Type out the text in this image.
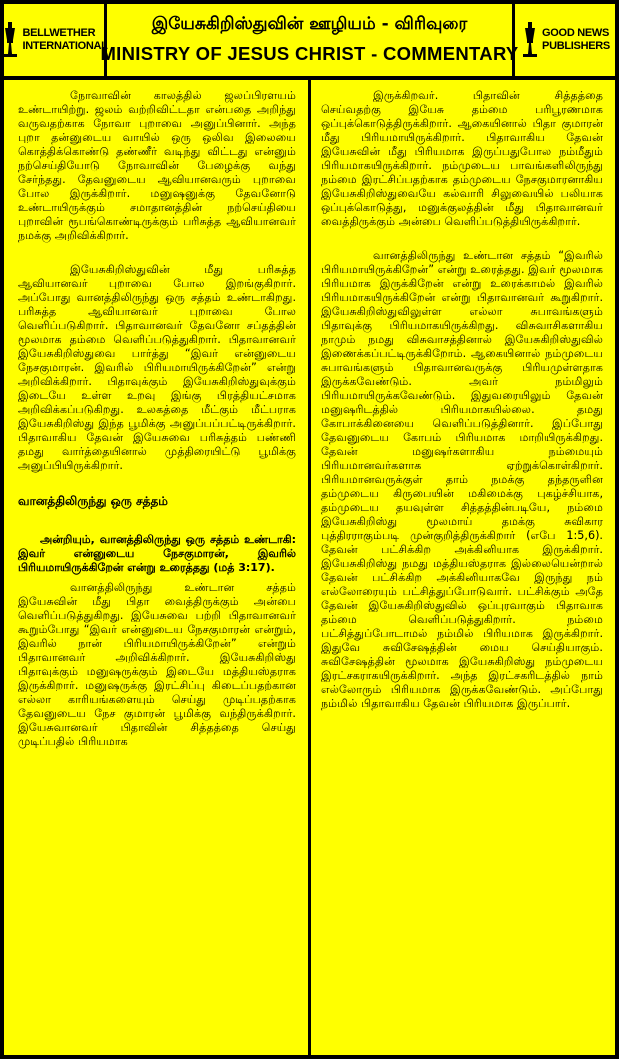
BELLWETHER
INTERNATIONAL
இயேசுகிறிஸ்துவின் ஊழியம் - விரிவுரை
MINISTRY OF JESUS CHRIST - COMMENTARY
GOOD NEWS
PUBLISHERS

நோவாவின் காலத்தில் ஜலப்பிரளயம் உண்டாயிற்று. ஜலம் வற்றிவிட்டதா என்பதை அறிந்து வருவதற்காக நோவா புறாவை அனுப்பினார். அந்த புறா தன்னுடைய வாயில் ஒரு ஒலிவ இலையை கொத்திக்கொண்டு தண்ணீர் வடிந்து விட்டது என்னும் நற்செய்தியோடு நோவாவின் பேழைக்கு வந்து சேர்ந்தது. தேவனுடைய ஆவியானவரும் புறாவை போல இருக்கிறார். மனுஷனுக்கு தேவனோடு உண்டாயிருக்கும் சமாதானத்தின் நற்செய்தியை புறாவின் ரூபங்கொண்டிருக்கும் பரிசுத்த ஆவியானவர் நமக்கு அறிவிக்கிறார்.

இயேசுகிறிஸ்துவின் மீது பரிசுத்த ஆவியானவர் புறாவை போல இறங்குகிறார். அப்போது வானத்திலிருந்து ஒரு சத்தம் உண்டாகிறது. பரிசுத்த ஆவியானவர் புறாவை போல வெளிப்படுகிறார். பிதாவானவர் தேவனோ சப்தத்தின் மூலமாக தம்மை வெளிப்படுத்துகிறார். பிதாவானவர் இயேசுகிறிஸ்துவை பார்த்து “இவர் என்னுடைய நேசகுமாரன். இவரில் பிரியமாயிருக்கிறேன்” என்று அறிவிக்கிறார். பிதாவுக்கும் இயேசுகிறிஸ்துவுக்கும் இடையே உள்ள உறவு இங்கு பிரத்தியட்சமாக அறிவிக்கப்படுகிறது. உலகத்தை மீட்கும் மீட்பராக இயேசுகிறிஸ்து இந்த பூமிக்கு அனுப்பப்பட்டிருக்கிறார். பிதாவாகிய தேவன் இயேசுவை பரிசுத்தம் பண்ணி தமது வார்த்தையினால் முத்திரையிட்டு பூமிக்கு அனுப்பியிருக்கிறார்.

வானத்திலிருந்து ஒரு சத்தம்

அன்றியும், வானத்திலிருந்து ஒரு சத்தம் உண்டாகி: இவர் என்னுடைய நேசகுமாரன், இவரில் பிரியமாயிருக்கிறேன் என்று உரைத்தது (மத் 3:17).

வானத்திலிருந்து உண்டான சத்தம் இயேசுவின் மீது பிதா வைத்திருக்கும் அன்பை வெளிப்படுத்துகிறது. இயேசுவை பற்றி பிதாவானவர் கூறும்போது “இவர் என்னுடைய நேசகுமாரன் என்றும், இவரில் நான் பிரியமாயிருக்கிறேன்” என்றும் பிதாவானவர் அறிவிக்கிறார். இயேசுகிறிஸ்து பிதாவுக்கும் மனுஷருக்கும் இடையே மத்தியஸ்தராக இருக்கிறார். மனுஷருக்கு இரட்சிப்பு கிடைப்பதற்கான எல்லா காரியங்களையும் செய்து முடிப்பதற்காக தேவனுடைய நேச குமாரன் பூமிக்கு வந்திருக்கிறார். இயேசுவானவர் பிதாவின் சித்தத்தை செய்து முடிப்பதில் பிரியமாக

இருக்கிறவர். பிதாவின் சித்தத்தை செய்வதற்கு இயேசு தம்மை பரிபூரணமாக ஒப்புக்கொடுத்திருக்கிறார். ஆகையினால் பிதா குமாரன் மீது பிரியமாயிருக்கிறார். பிதாவாகிய தேவன் இயேசுவின் மீது பிரியமாக இருப்பதுபோல நம்மீதும் பிரியமாகயிருக்கிறார். நம்முடைய பாவங்களிலிருந்து நம்மை இரட்சிப்பதற்காக தம்முடைய நேசகுமாரனாகிய இயேசுகிறிஸ்துவையே கல்வாரி சிலுவையில் பலியாக ஒப்புக்கொடுத்து, மனுக்குலத்தின் மீது பிதாவானவர் வைத்திருக்கும் அன்பை வெளிப்படுத்தியிருக்கிறார்.

வானத்திலிருந்து உண்டான சத்தம் “இவரில் பிரியமாயிருக்கிறேன்” என்று உரைத்தது. இவர் மூலமாக பிரியமாக இருக்கிறேன் என்று உரைக்காமல் இவரில் பிரியமாகயிருக்கிறேன் என்று பிதாவானவர் கூறுகிறார். இயேசுகிறிஸ்துவிலுள்ள எல்லா சுபாவங்களும் பிதாவுக்கு பிரியமாகயிருக்கிறது. விசுவாசிகளாகிய நாமும் நமது விசுவாசத்தினால் இயேசுகிறிஸ்துவில் இணைக்கப்பட்டிருக்கிறோம். ஆகையினால் நம்முடைய சுபாவங்களும் பிதாவானவருக்கு பிரியமுள்ளதாக இருக்கவேண்டும். அவர் நம்மிலும் பிரியமாயிருக்கவேண்டும். இதுவரையிலும் தேவன் மனுஷரிடத்தில் பிரியமாகயில்லை. தமது கோபாக்கினையை வெளிப்படுத்தினார். இப்போது தேவனுடைய கோபம் பிரியமாக மாறியிருக்கிறது. தேவன் மனுஷர்களாகிய நம்மையும் பிரியமானவர்களாக ஏற்றுக்கொள்கிறார். பிரியமானவருக்குள் தாம் நமக்கு தந்தருளின தம்முடைய கிருபையின் மகிமைக்கு புகழ்ச்சியாக, தம்முடைய தயவுள்ள சித்தத்தின்படியே, நம்மை இயேசுகிறிஸ்து மூலமாய் தமக்கு சுவிகார புத்திரராகும்படி முன்குறித்திருக்கிறார் (எபே 1:5,6). தேவன் பட்சிக்கிற அக்கினியாக இருக்கிறார். இயேசுகிறிஸ்து நமது மத்தியஸ்தராக இல்லையென்றால் தேவன் பட்சிக்கிற அக்கினியாகவே இருந்து நம் எல்லோரையும் பட்சித்துப்போடுவார். பட்சிக்கும் அதே தேவன் இயேசுகிறிஸ்துவில் ஒப்புரவாகும் பிதாவாக தம்மை வெளிப்படுத்துகிறார். நம்மை பட்சித்துப்போடாமல் நம்மில் பிரியமாக இருக்கிறார். இதுவே சுவிசேஷத்தின் மைய செய்தியாகும். சுவிசேஷத்தின் மூலமாக இயேசுகிறிஸ்து நம்முடைய இரட்சகராகயிருக்கிறார். அந்த இரட்சகரிடத்தில் நாம் எல்லோரும் பிரியமாக இருக்கவேண்டும். அப்போது நம்மில் பிதாவாகிய தேவன் பிரியமாக இருப்பார்.
